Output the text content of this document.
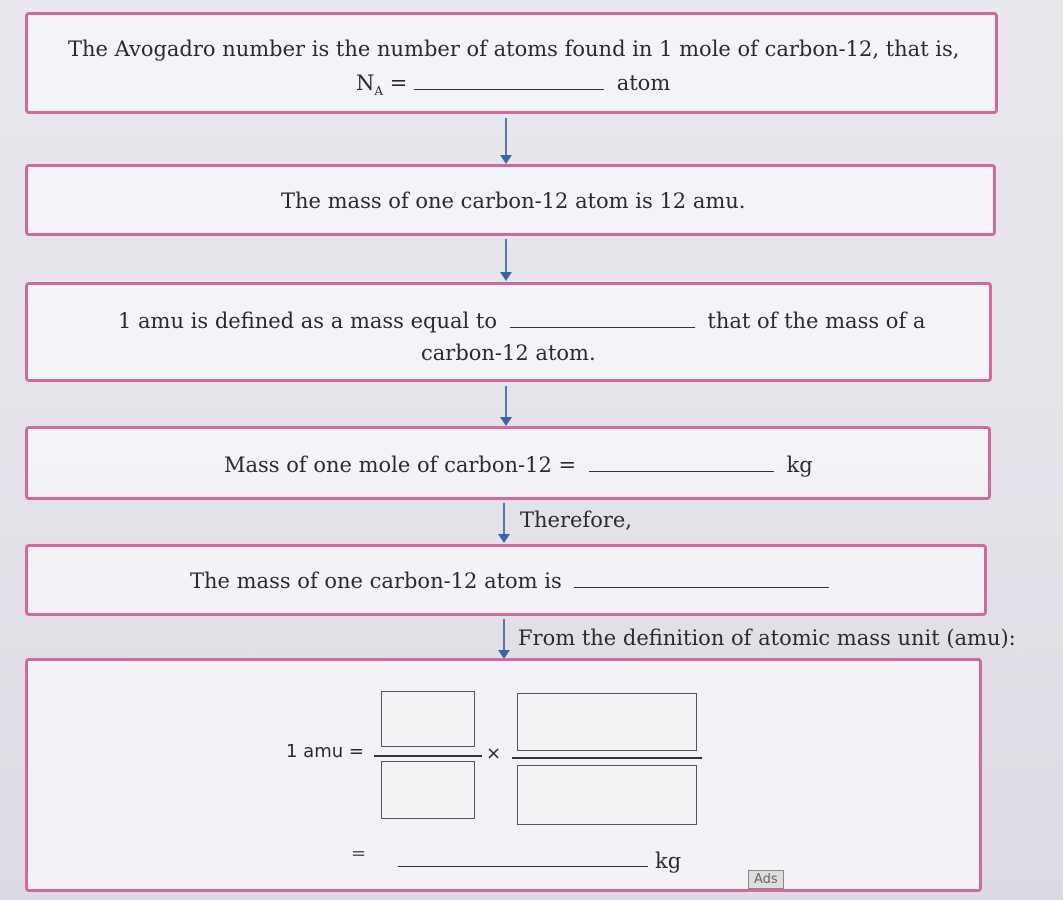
The Avogadro number is the number of atoms found in 1 mole of carbon-12, that is,
$N_A$ =	atom
The mass of one carbon-12 atom is 12 amu.
1 amu is defined as a mass equal to	that of the mass of a
carbon-12 atom.
Mass of one mole of carbon-12 =	kg
Therefore,
The mass of one carbon-12 atom is
From the definition of atomic mass unit (amu):
1 amu =	×
=	kg
Ads
